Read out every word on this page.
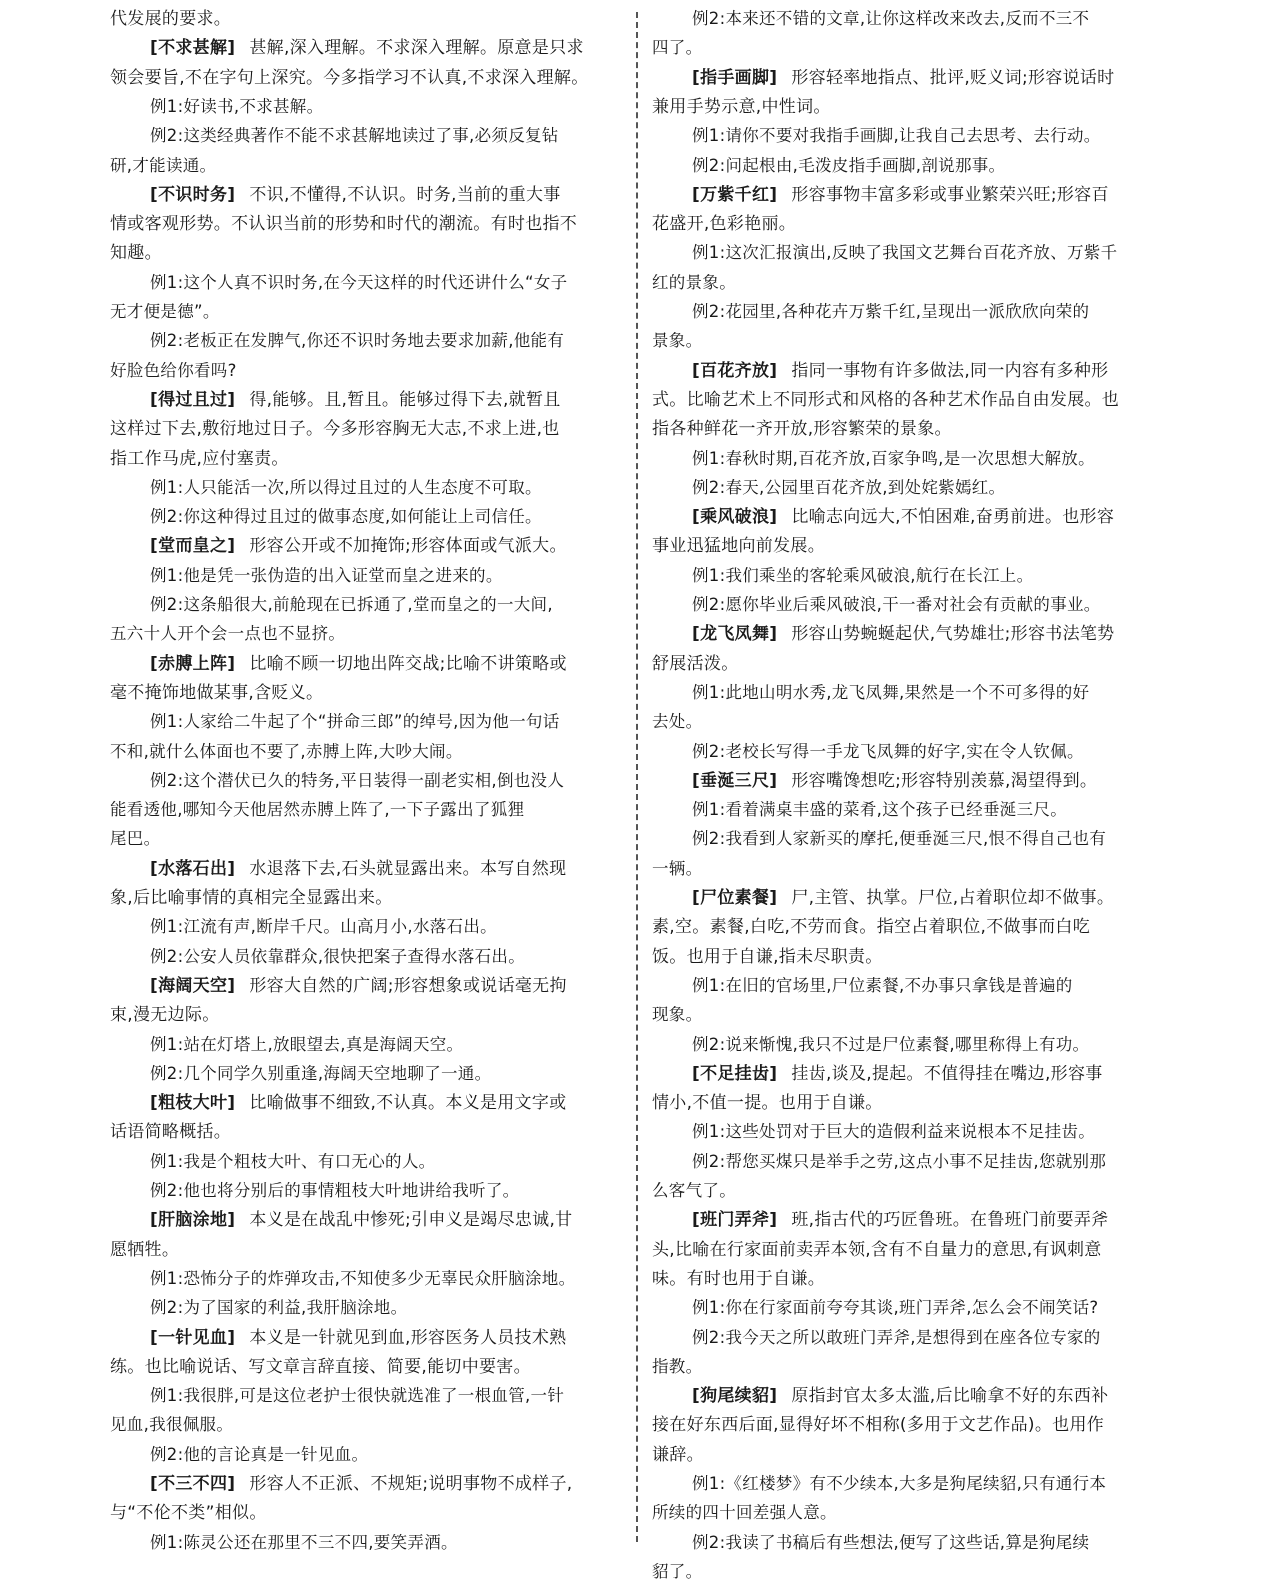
代发展的要求。
[不求甚解] 甚解,深入理解。不求深入理解。原意是只求
领会要旨,不在字句上深究。今多指学习不认真,不求深入理解。
例1:好读书,不求甚解。
例2:这类经典著作不能不求甚解地读过了事,必须反复钻
研,才能读通。
[不识时务] 不识,不懂得,不认识。时务,当前的重大事
情或客观形势。不认识当前的形势和时代的潮流。有时也指不
知趣。
例1:这个人真不识时务,在今天这样的时代还讲什么“女子
无才便是德”。
例2:老板正在发脾气,你还不识时务地去要求加薪,他能有
好脸色给你看吗?
[得过且过] 得,能够。且,暂且。能够过得下去,就暂且
这样过下去,敷衍地过日子。今多形容胸无大志,不求上进,也
指工作马虎,应付塞责。
例1:人只能活一次,所以得过且过的人生态度不可取。
例2:你这种得过且过的做事态度,如何能让上司信任。
[堂而皇之] 形容公开或不加掩饰;形容体面或气派大。
例1:他是凭一张伪造的出入证堂而皇之进来的。
例2:这条船很大,前舱现在已拆通了,堂而皇之的一大间,
五六十人开个会一点也不显挤。
[赤膊上阵] 比喻不顾一切地出阵交战;比喻不讲策略或
毫不掩饰地做某事,含贬义。
例1:人家给二牛起了个“拼命三郎”的绰号,因为他一句话
不和,就什么体面也不要了,赤膊上阵,大吵大闹。
例2:这个潜伏已久的特务,平日装得一副老实相,倒也没人
能看透他,哪知今天他居然赤膊上阵了,一下子露出了狐狸
尾巴。
[水落石出] 水退落下去,石头就显露出来。本写自然现
象,后比喻事情的真相完全显露出来。
例1:江流有声,断岸千尺。山高月小,水落石出。
例2:公安人员依靠群众,很快把案子查得水落石出。
[海阔天空] 形容大自然的广阔;形容想象或说话毫无拘
束,漫无边际。
例1:站在灯塔上,放眼望去,真是海阔天空。
例2:几个同学久别重逢,海阔天空地聊了一通。
[粗枝大叶] 比喻做事不细致,不认真。本义是用文字或
话语简略概括。
例1:我是个粗枝大叶、有口无心的人。
例2:他也将分别后的事情粗枝大叶地讲给我听了。
[肝脑涂地] 本义是在战乱中惨死;引申义是竭尽忠诚,甘
愿牺牲。
例1:恐怖分子的炸弹攻击,不知使多少无辜民众肝脑涂地。
例2:为了国家的利益,我肝脑涂地。
[一针见血] 本义是一针就见到血,形容医务人员技术熟
练。也比喻说话、写文章言辞直接、简要,能切中要害。
例1:我很胖,可是这位老护士很快就选准了一根血管,一针
见血,我很佩服。
例2:他的言论真是一针见血。
[不三不四] 形容人不正派、不规矩;说明事物不成样子,
与“不伦不类”相似。
例1:陈灵公还在那里不三不四,要笑弄酒。
例2:本来还不错的文章,让你这样改来改去,反而不三不
四了。
[指手画脚] 形容轻率地指点、批评,贬义词;形容说话时
兼用手势示意,中性词。
例1:请你不要对我指手画脚,让我自己去思考、去行动。
例2:问起根由,毛泼皮指手画脚,剖说那事。
[万紫千红] 形容事物丰富多彩或事业繁荣兴旺;形容百
花盛开,色彩艳丽。
例1:这次汇报演出,反映了我国文艺舞台百花齐放、万紫千
红的景象。
例2:花园里,各种花卉万紫千红,呈现出一派欣欣向荣的
景象。
[百花齐放] 指同一事物有许多做法,同一内容有多种形
式。比喻艺术上不同形式和风格的各种艺术作品自由发展。也
指各种鲜花一齐开放,形容繁荣的景象。
例1:春秋时期,百花齐放,百家争鸣,是一次思想大解放。
例2:春天,公园里百花齐放,到处姹紫嫣红。
[乘风破浪] 比喻志向远大,不怕困难,奋勇前进。也形容
事业迅猛地向前发展。
例1:我们乘坐的客轮乘风破浪,航行在长江上。
例2:愿你毕业后乘风破浪,干一番对社会有贡献的事业。
[龙飞凤舞] 形容山势蜿蜒起伏,气势雄壮;形容书法笔势
舒展活泼。
例1:此地山明水秀,龙飞凤舞,果然是一个不可多得的好
去处。
例2:老校长写得一手龙飞凤舞的好字,实在令人钦佩。
[垂涎三尺] 形容嘴馋想吃;形容特别羡慕,渴望得到。
例1:看着满桌丰盛的菜肴,这个孩子已经垂涎三尺。
例2:我看到人家新买的摩托,便垂涎三尺,恨不得自己也有
一辆。
[尸位素餐] 尸,主管、执掌。尸位,占着职位却不做事。
素,空。素餐,白吃,不劳而食。指空占着职位,不做事而白吃
饭。也用于自谦,指未尽职责。
例1:在旧的官场里,尸位素餐,不办事只拿钱是普遍的
现象。
例2:说来惭愧,我只不过是尸位素餐,哪里称得上有功。
[不足挂齿] 挂齿,谈及,提起。不值得挂在嘴边,形容事
情小,不值一提。也用于自谦。
例1:这些处罚对于巨大的造假利益来说根本不足挂齿。
例2:帮您买煤只是举手之劳,这点小事不足挂齿,您就别那
么客气了。
[班门弄斧] 班,指古代的巧匠鲁班。在鲁班门前要弄斧
头,比喻在行家面前卖弄本领,含有不自量力的意思,有讽刺意
味。有时也用于自谦。
例1:你在行家面前夸夸其谈,班门弄斧,怎么会不闹笑话?
例2:我今天之所以敢班门弄斧,是想得到在座各位专家的
指教。
[狗尾续貂] 原指封官太多太滥,后比喻拿不好的东西补
接在好东西后面,显得好坏不相称(多用于文艺作品)。也用作
谦辞。
例1:《红楼梦》有不少续本,大多是狗尾续貂,只有通行本
所续的四十回差强人意。
例2:我读了书稿后有些想法,便写了这些话,算是狗尾续
貂了。
